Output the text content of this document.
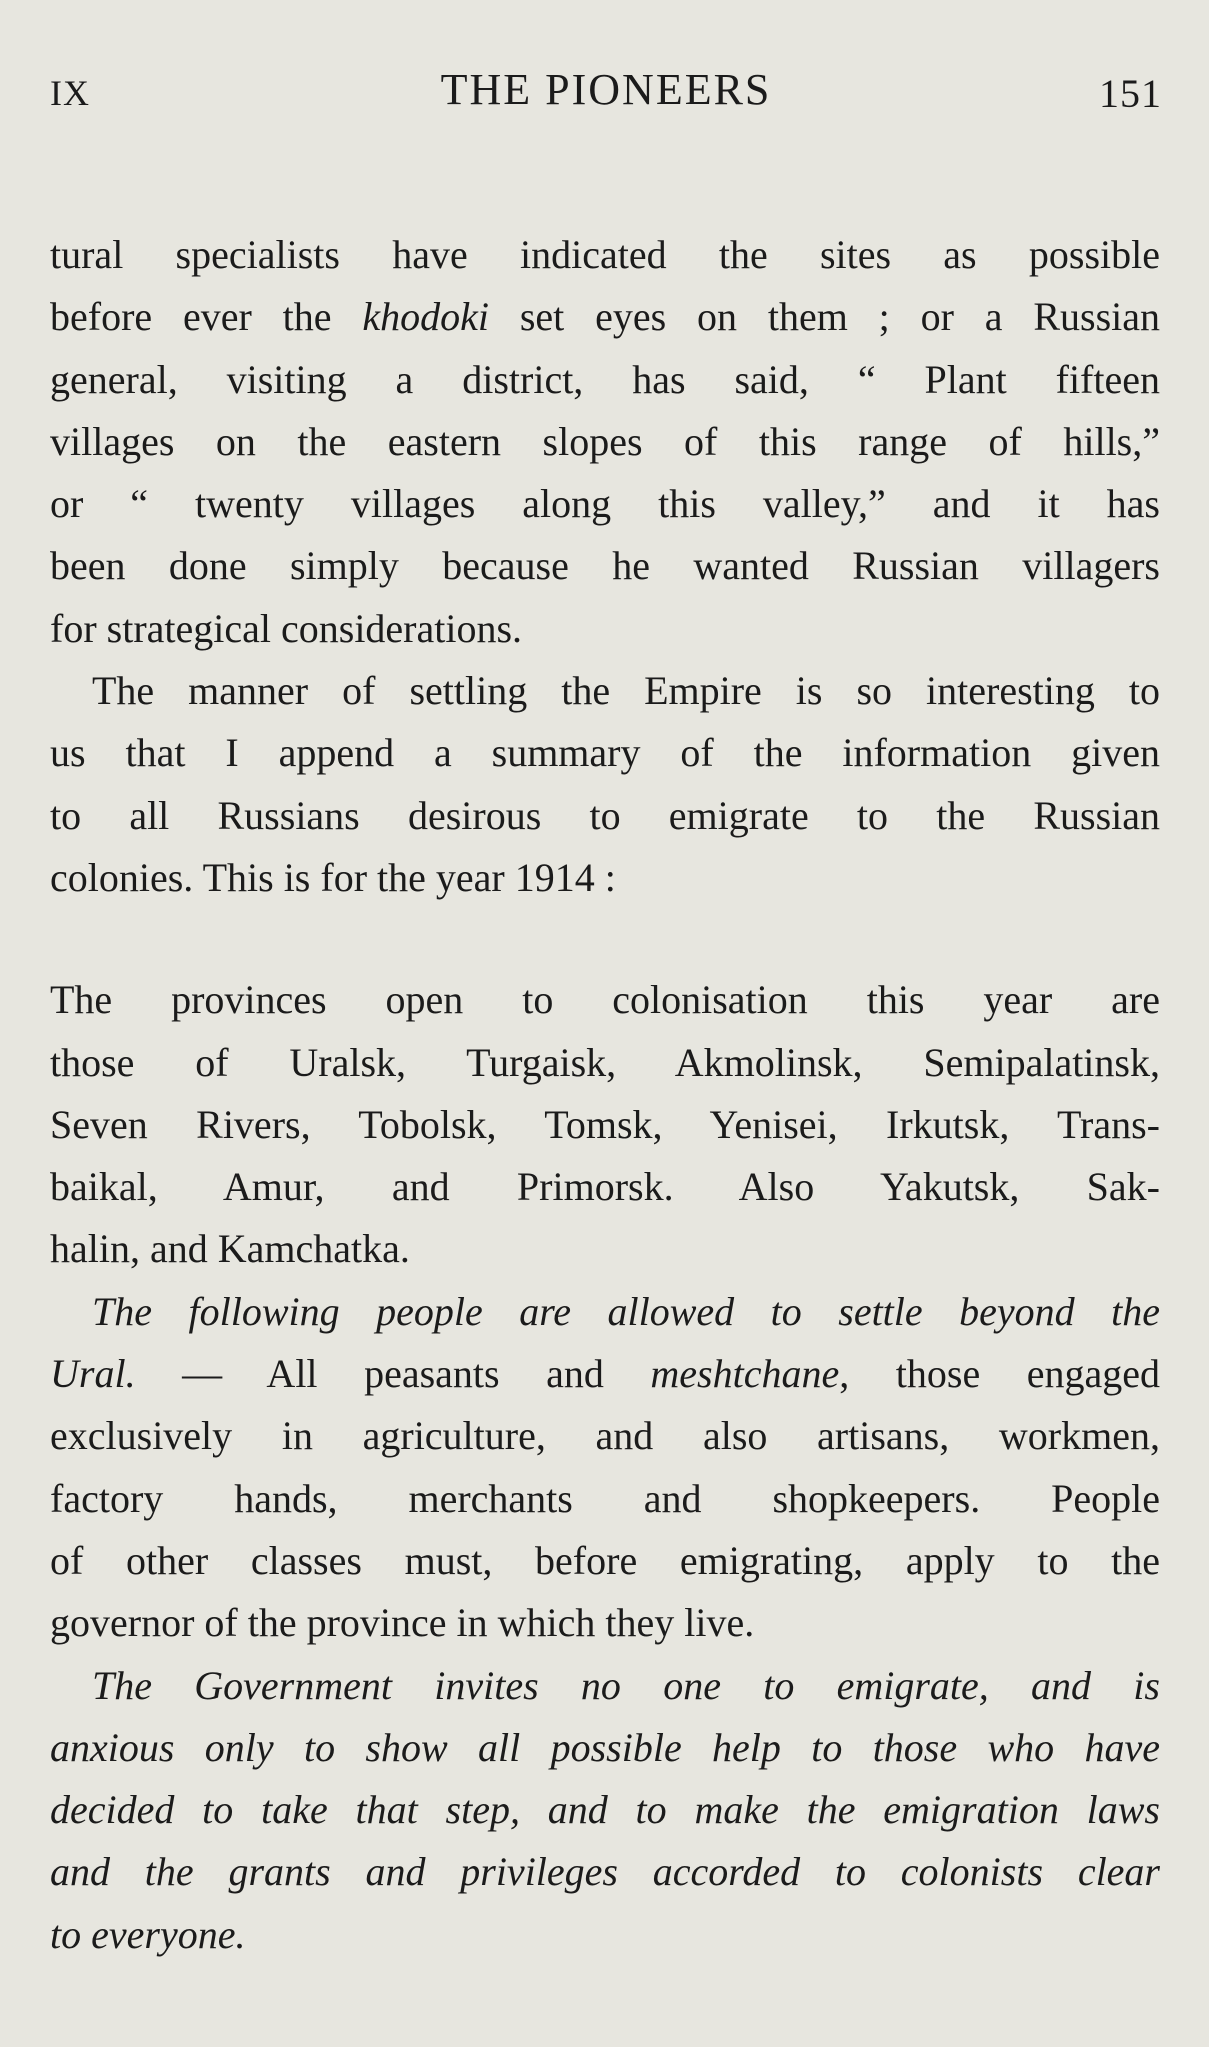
IX	THE PIONEERS	151
tural specialists have indicated the sites as possible
before ever the khodoki set eyes on them ; or a Russian
general, visiting a district, has said, “ Plant fifteen
villages on the eastern slopes of this range of hills,”
or “ twenty villages along this valley,” and it has
been done simply because he wanted Russian villagers
for strategical considerations.
The manner of settling the Empire is so interesting to
us that I append a summary of the information given
to all Russians desirous to emigrate to the Russian
colonies. This is for the year 1914 :
The provinces open to colonisation this year are
those of Uralsk, Turgaisk, Akmolinsk, Semipalatinsk,
Seven Rivers, Tobolsk, Tomsk, Yenisei, Irkutsk, Trans-
baikal, Amur, and Primorsk. Also Yakutsk, Sak-
halin, and Kamchatka.
The following people are allowed to settle beyond the
Ural. — All peasants and meshtchane, those engaged
exclusively in agriculture, and also artisans, workmen,
factory hands, merchants and shopkeepers. People
of other classes must, before emigrating, apply to the
governor of the province in which they live.
The Government invites no one to emigrate, and is
anxious only to show all possible help to those who have
decided to take that step, and to make the emigration laws
and the grants and privileges accorded to colonists clear
to everyone.
